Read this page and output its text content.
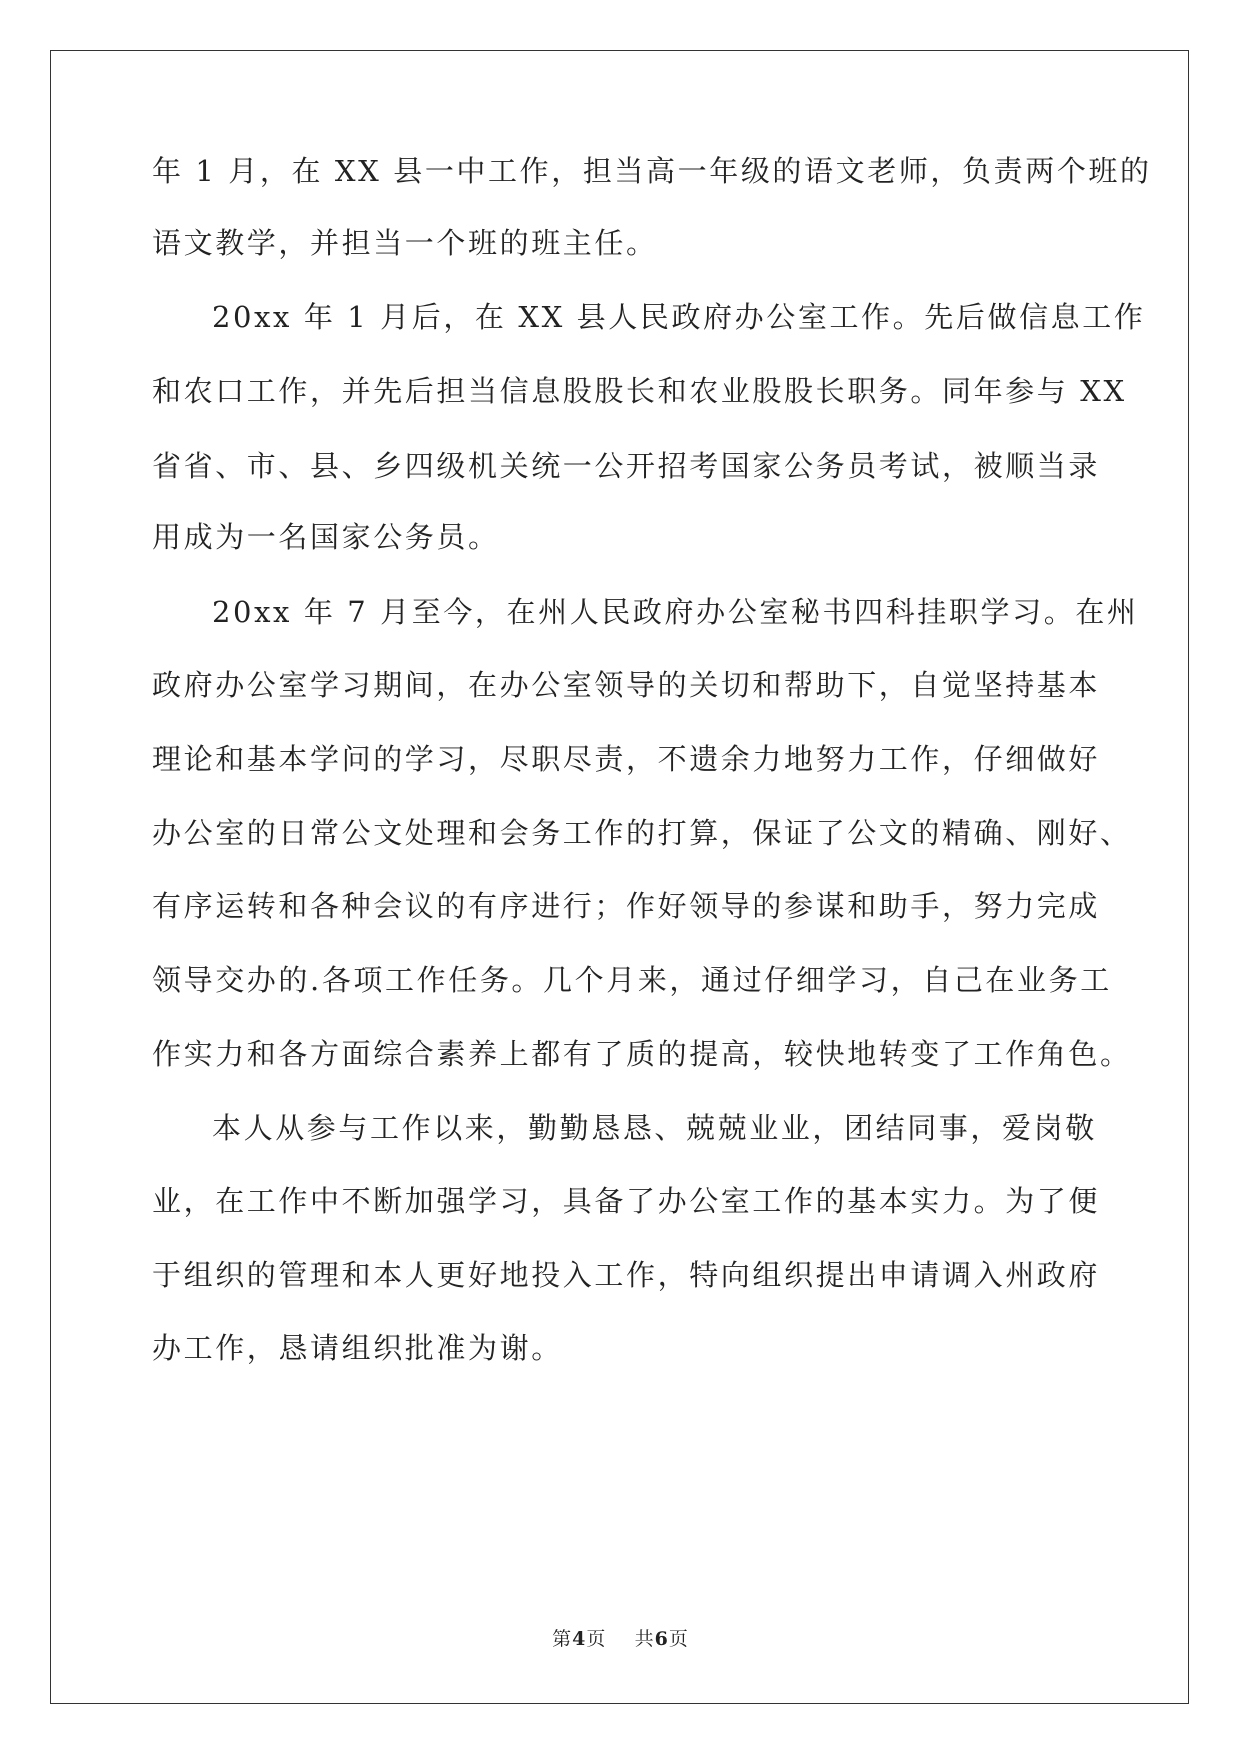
年 1 月，在 XX 县一中工作，担当高一年级的语文老师，负责两个班的
语文教学，并担当一个班的班主任。
20xx 年 1 月后，在 XX 县人民政府办公室工作。先后做信息工作
和农口工作，并先后担当信息股股长和农业股股长职务。同年参与 XX
省省、市、县、乡四级机关统一公开招考国家公务员考试，被顺当录
用成为一名国家公务员。
20xx 年 7 月至今，在州人民政府办公室秘书四科挂职学习。在州
政府办公室学习期间，在办公室领导的关切和帮助下，自觉坚持基本
理论和基本学问的学习，尽职尽责，不遗余力地努力工作，仔细做好
办公室的日常公文处理和会务工作的打算，保证了公文的精确、刚好、
有序运转和各种会议的有序进行；作好领导的参谋和助手，努力完成
领导交办的.各项工作任务。几个月来，通过仔细学习，自己在业务工
作实力和各方面综合素养上都有了质的提高，较快地转变了工作角色。
本人从参与工作以来，勤勤恳恳、兢兢业业，团结同事，爱岗敬
业，在工作中不断加强学习，具备了办公室工作的基本实力。为了便
于组织的管理和本人更好地投入工作，特向组织提出申请调入州政府
办工作，恳请组织批准为谢。
第4页 共6页
